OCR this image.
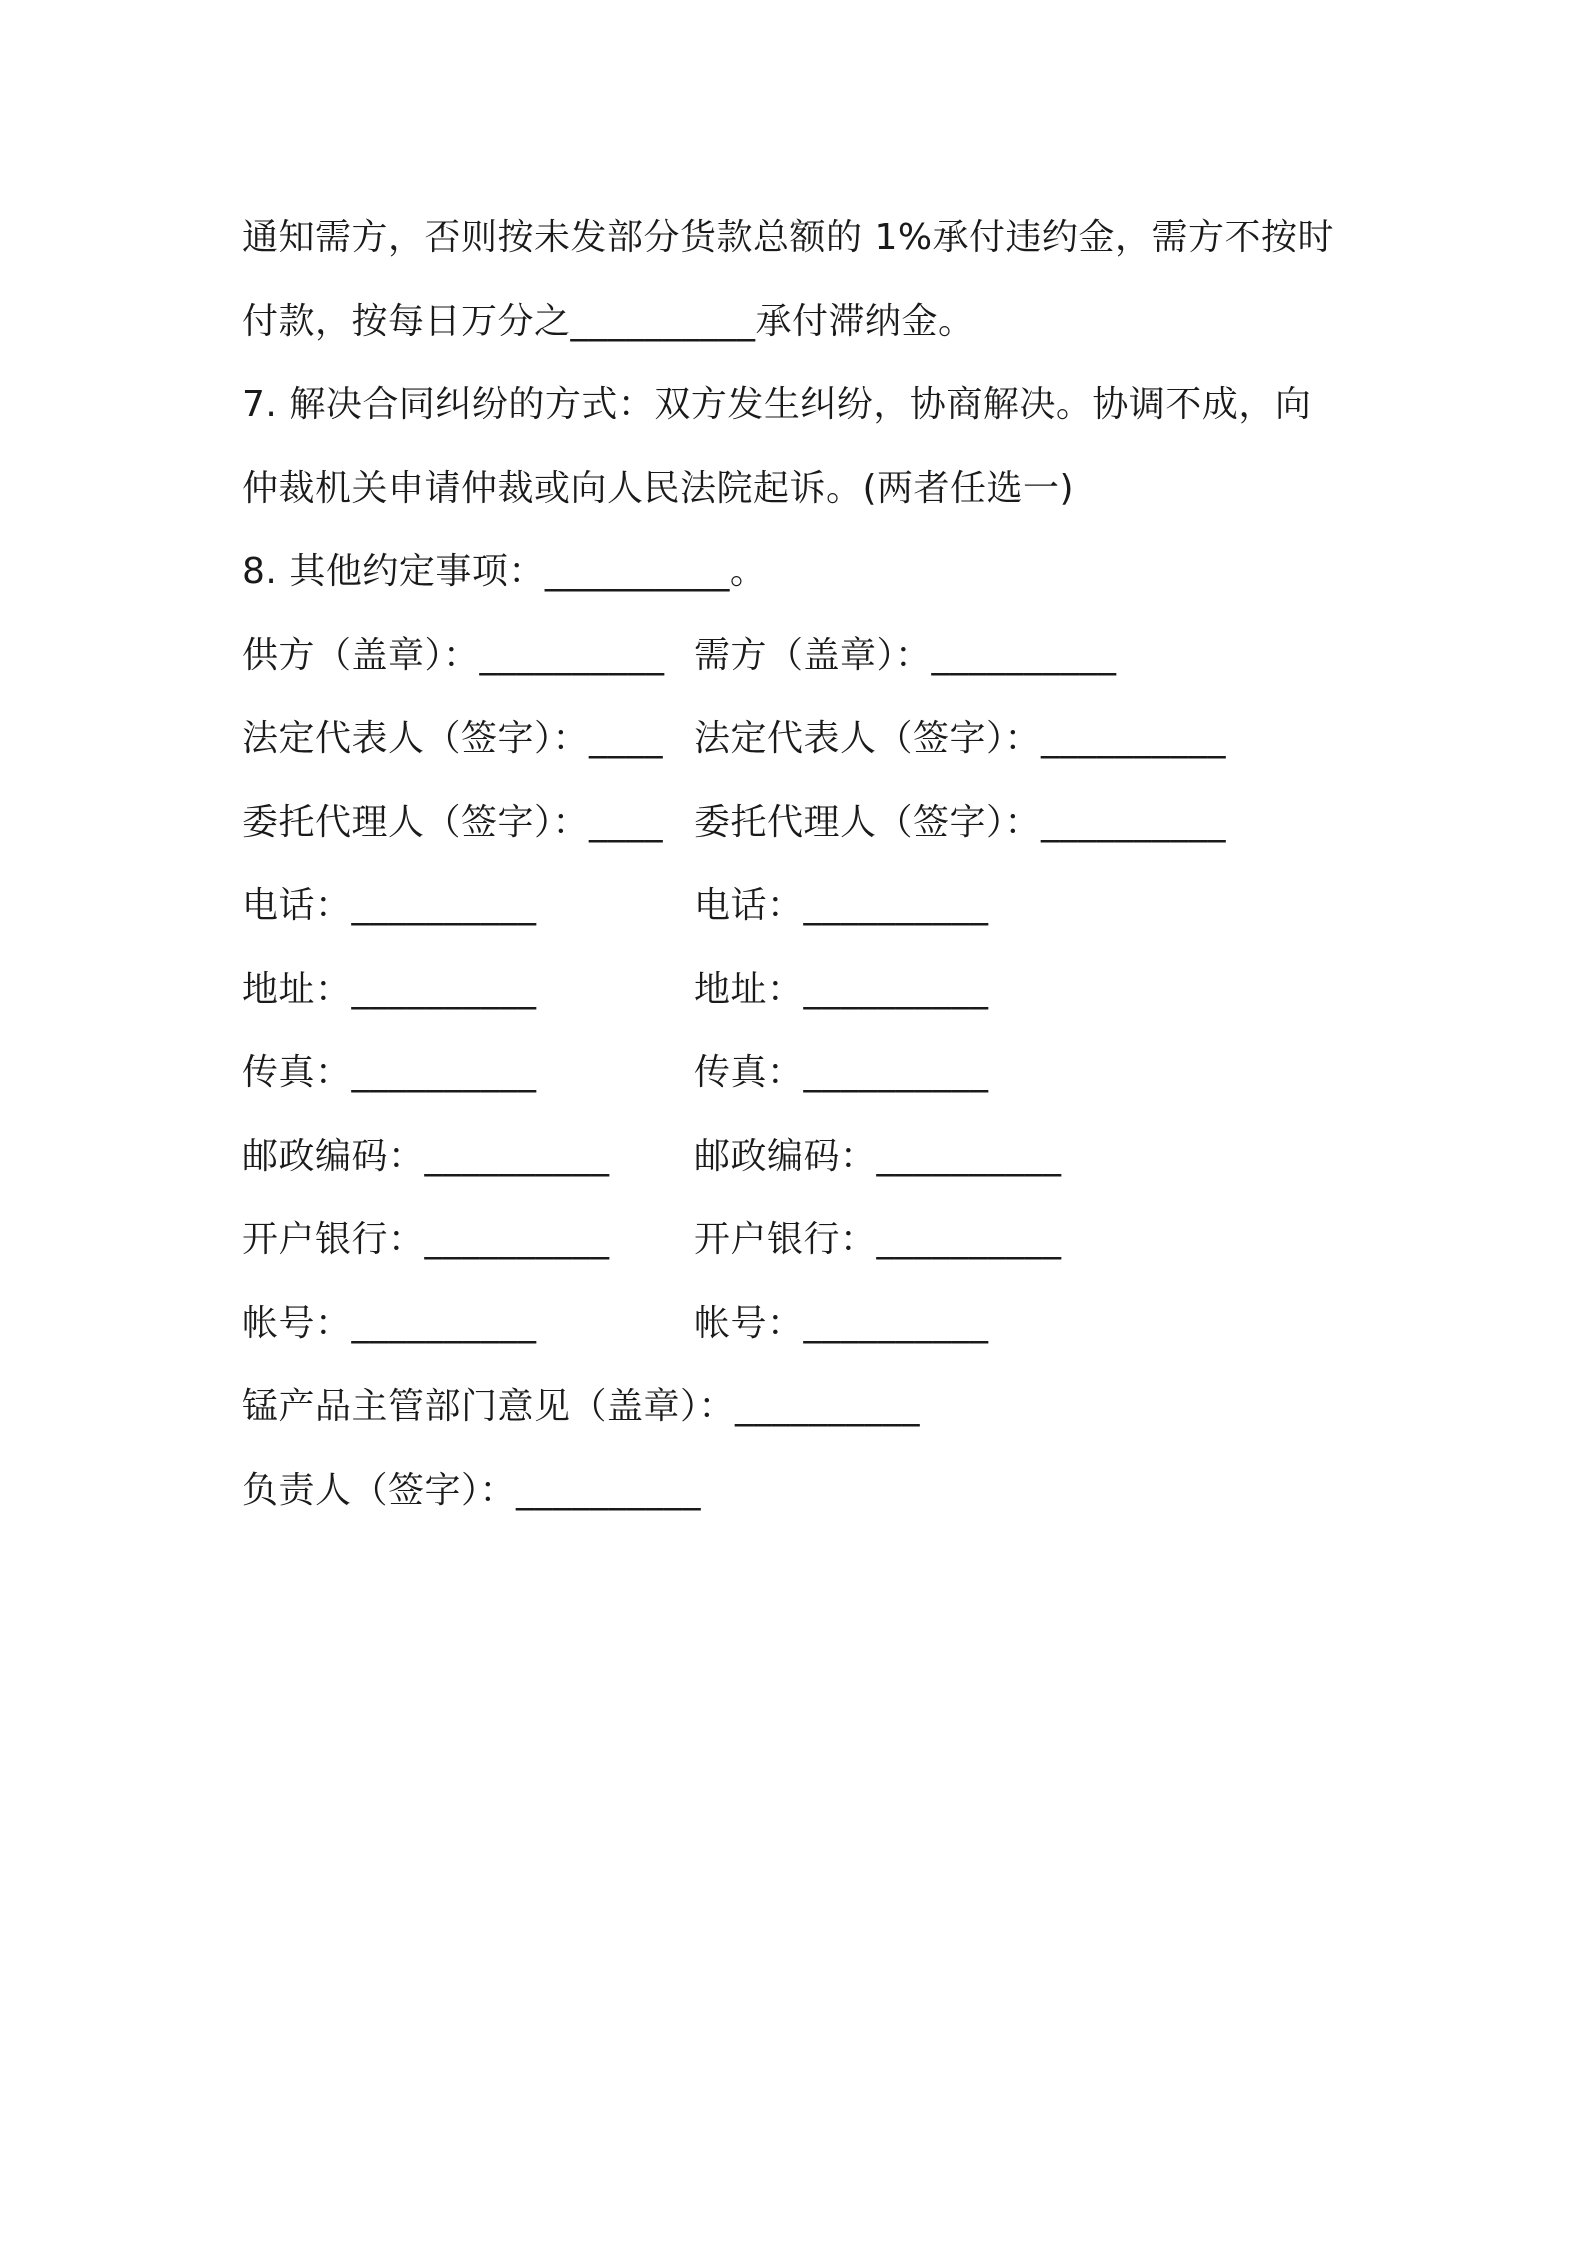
通知需方，否则按未发部分货款总额的 1%承付违约金，需方不按时
付款，按每日万分之__________承付滞纳金。
7. 解决合同纠纷的方式：双方发生纠纷，协商解决。协调不成，向
仲裁机关申请仲裁或向人民法院起诉。(两者任选一)
8. 其他约定事项：__________。
供方（盖章）：__________ 需方（盖章）：__________
法定代表人（签字）：____ 法定代表人（签字）：__________
委托代理人（签字）：____ 委托代理人（签字）：__________
电话：__________	电话：__________
地址：__________	地址：__________
传真：__________	传真：__________
邮政编码：__________ 邮政编码：__________
开户银行：__________ 开户银行：__________
帐号：__________	帐号：__________
锰产品主管部门意见（盖章）：__________
负责人（签字）：__________
